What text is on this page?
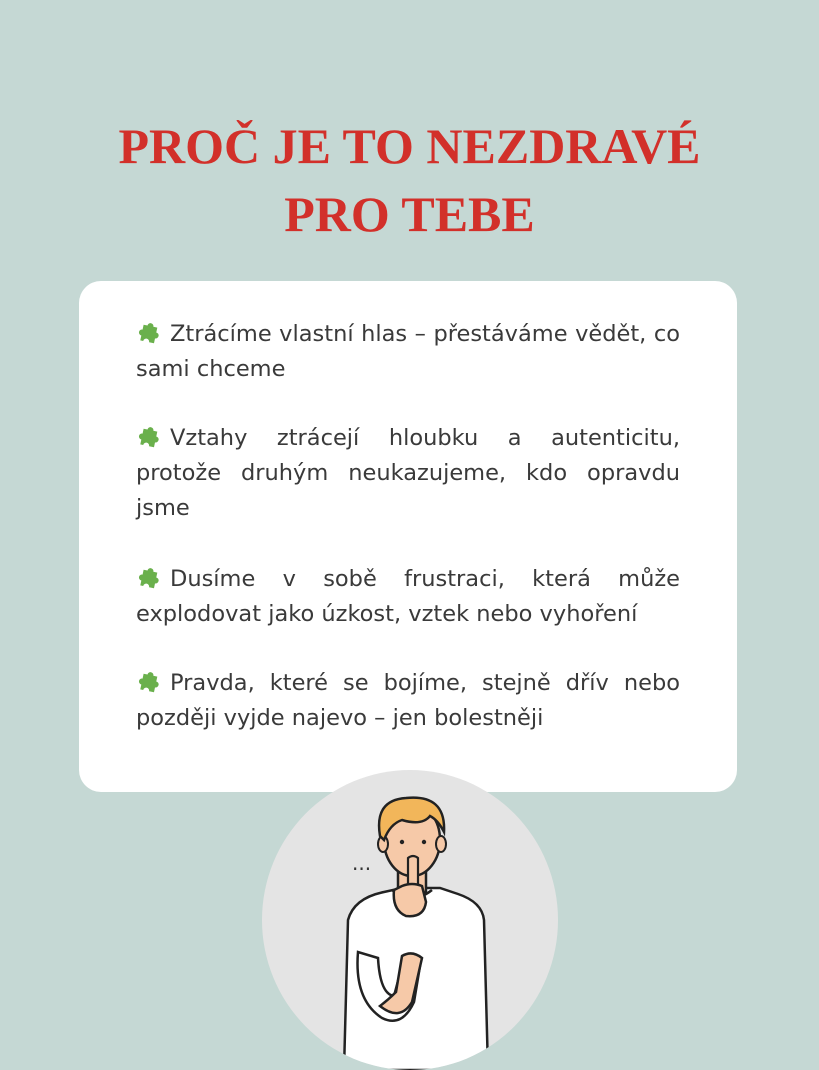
PROČ JE TO NEZDRAVÉ
PRO TEBE

Ztrácíme vlastní hlas – přestáváme vědět, co sami chceme

Vztahy ztrácejí hloubku a autenticitu, protože druhým neukazujeme, kdo opravdu jsme

Dusíme v sobě frustraci, která může explodovat jako úzkost, vztek nebo vyhoření

Pravda, které se bojíme, stejně dřív nebo později vyjde najevo – jen bolestněji

...
